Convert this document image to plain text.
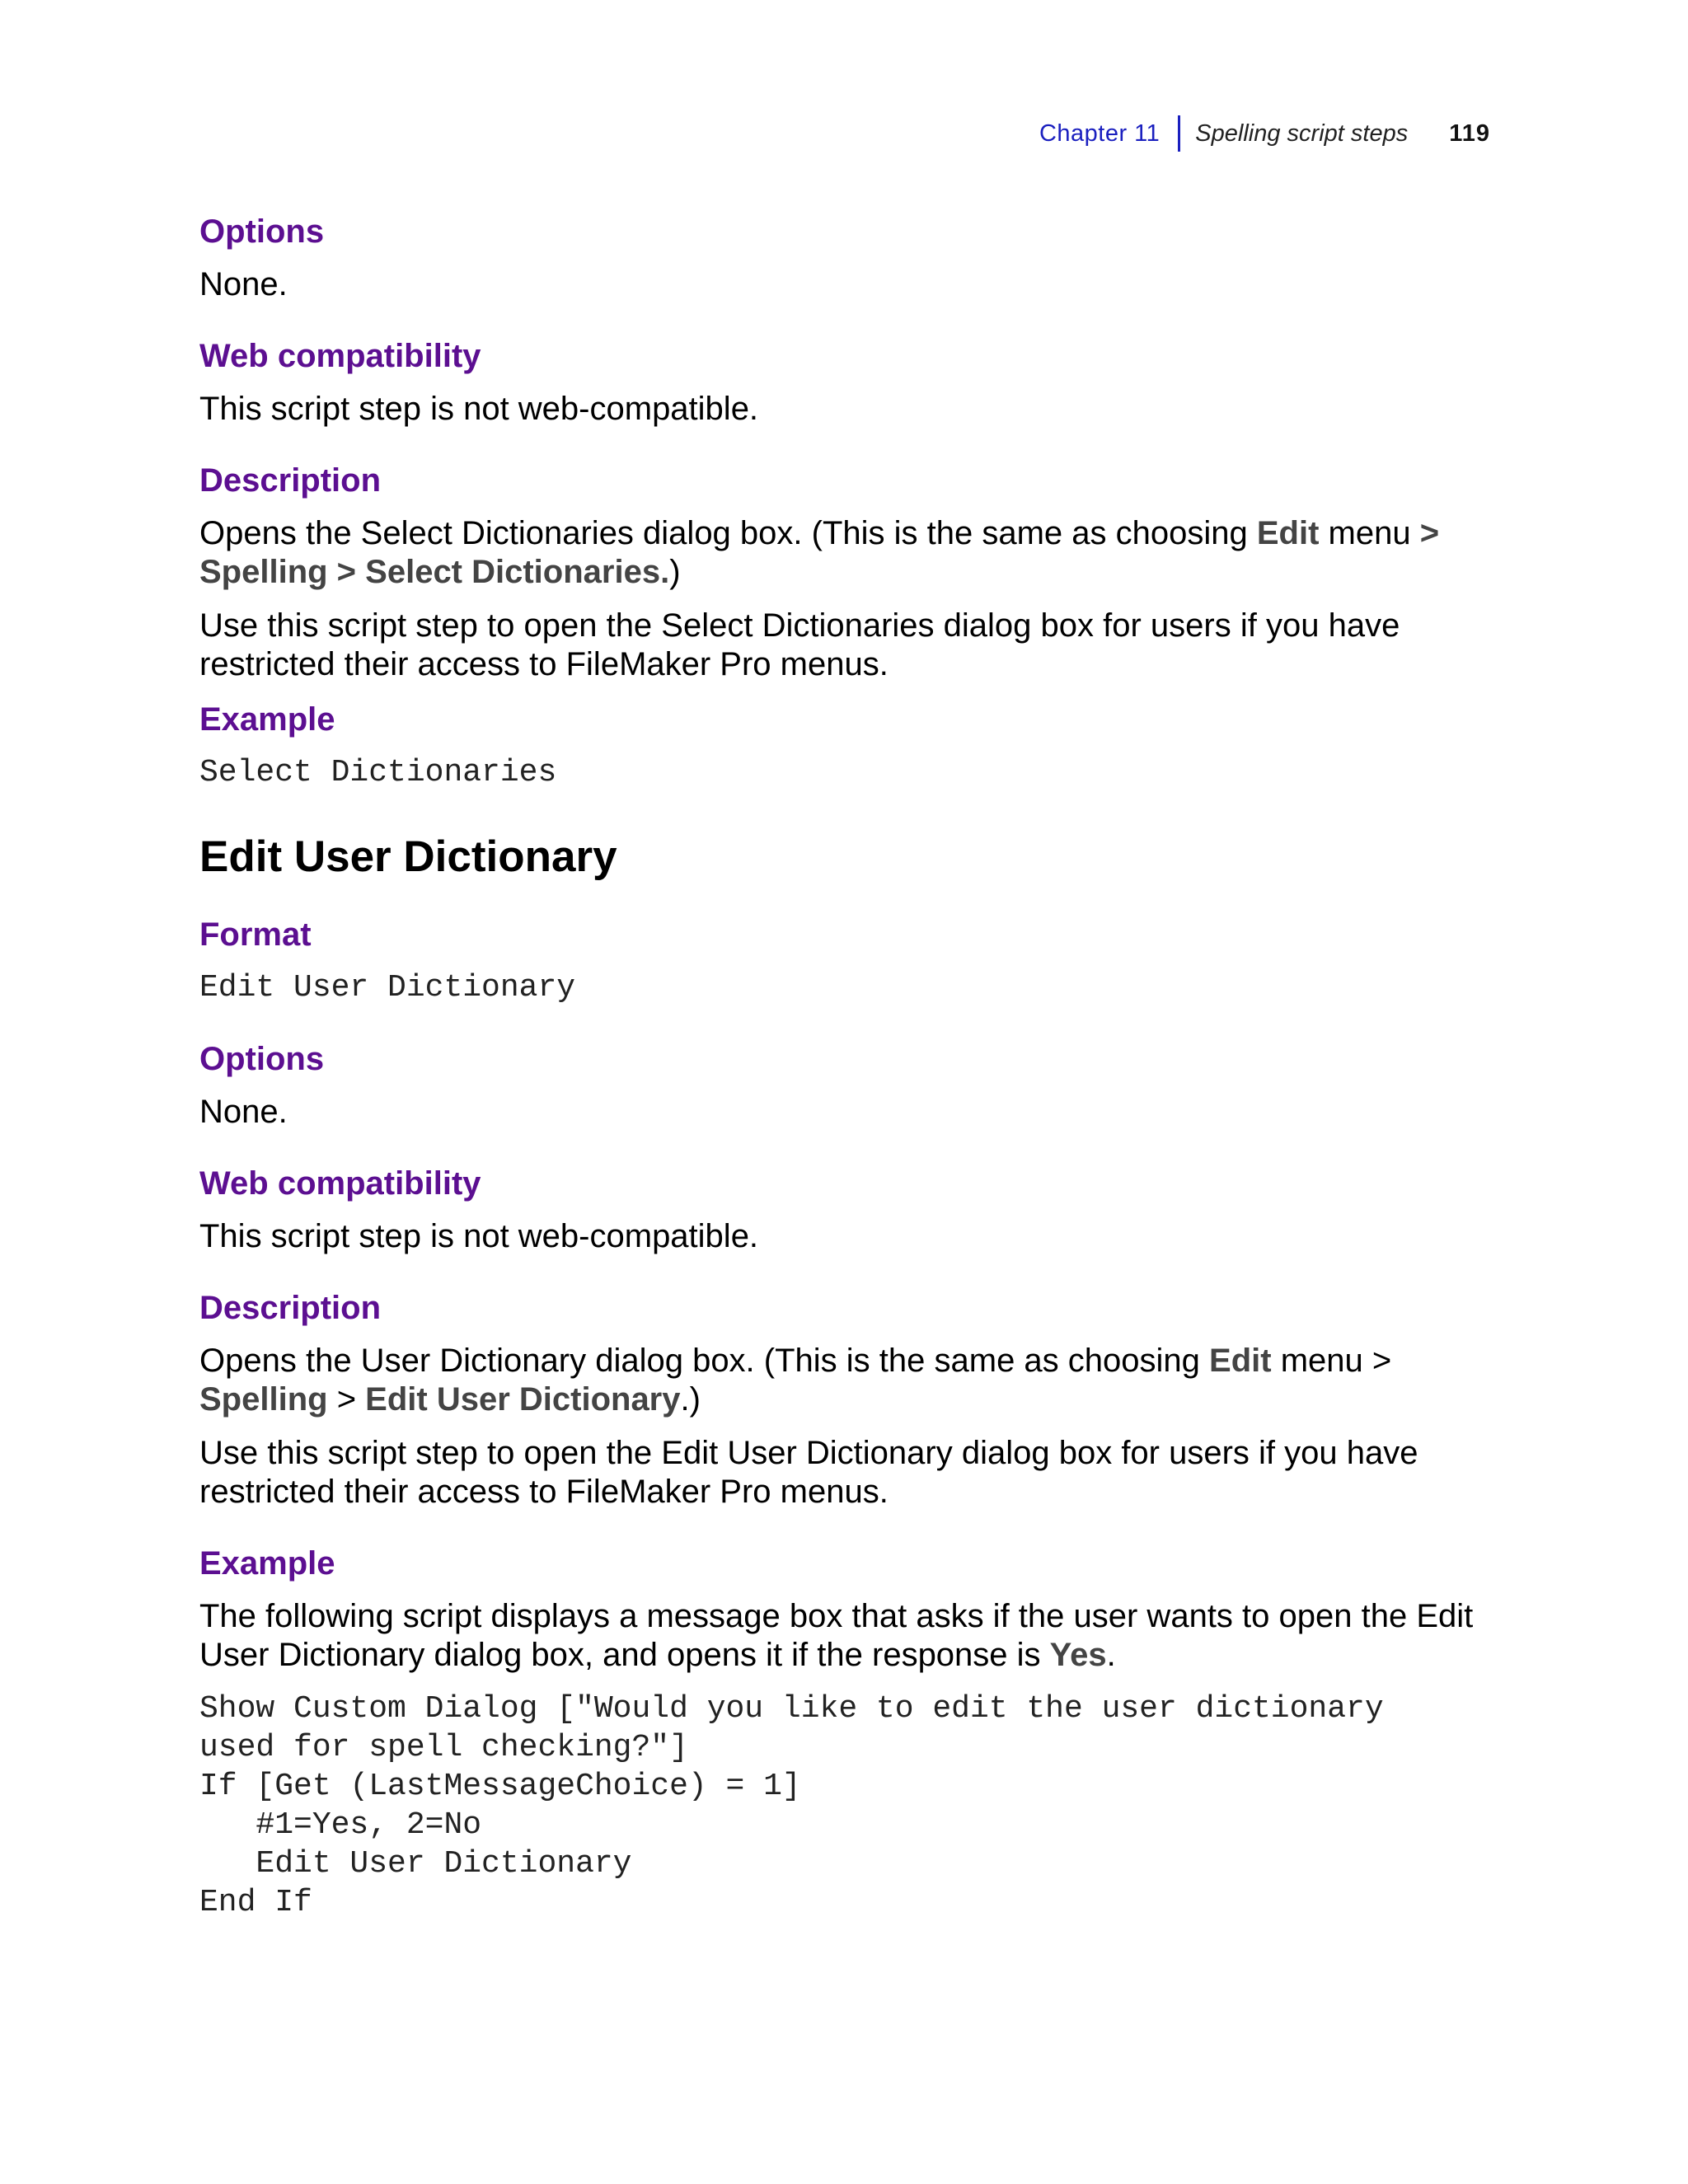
Chapter 11 Spelling script steps 119
Options

None.

Web compatibility

This script step is not web-compatible.

Description

Opens the Select Dictionaries dialog box. (This is the same as choosing Edit menu > Spelling > Select Dictionaries.)

Use this script step to open the Select Dictionaries dialog box for users if you have restricted their access to FileMaker Pro menus.

Example
Select Dictionaries
Edit User Dictionary
Format
Edit User Dictionary
Options

None.

Web compatibility

This script step is not web-compatible.

Description

Opens the User Dictionary dialog box. (This is the same as choosing Edit menu > Spelling > Edit User Dictionary.)

Use this script step to open the Edit User Dictionary dialog box for users if you have restricted their access to FileMaker Pro menus.

Example

The following script displays a message box that asks if the user wants to open the Edit User Dictionary dialog box, and opens it if the response is Yes.

Show Custom Dialog ["Would you like to edit the user dictionary
used for spell checking?"]
If [Get (LastMessageChoice) = 1]
#1=Yes, 2=No
Edit User Dictionary
End If
